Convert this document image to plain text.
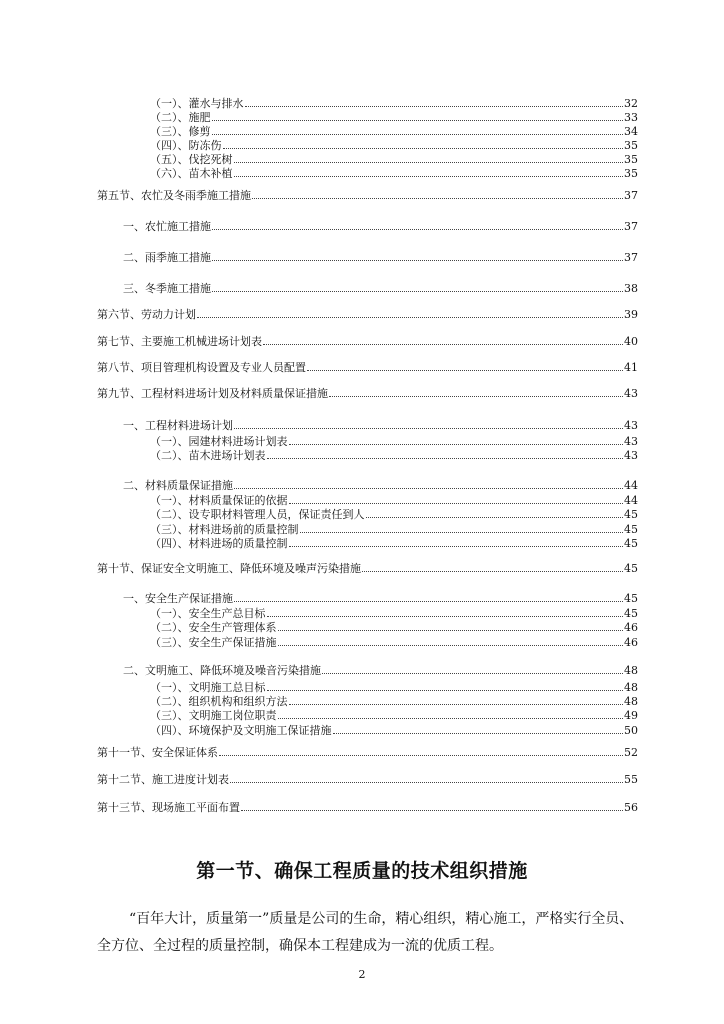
（一）、灌水与排水	32
（二）、施肥	33
（三）、修剪	34
（四）、防冻伤	35
（五）、伐挖死树	35
（六）、苗木补植	35
第五节、农忙及冬雨季施工措施	37
一、农忙施工措施	37
二、雨季施工措施	37
三、冬季施工措施	38
第六节、劳动力计划	39
第七节、主要施工机械进场计划表	40
第八节、项目管理机构设置及专业人员配置	41
第九节、工程材料进场计划及材料质量保证措施	43
一、工程材料进场计划	43
（一）、园建材料进场计划表	43
（二）、苗木进场计划表	43
二、材料质量保证措施	44
（一）、材料质量保证的依据	44
（二）、设专职材料管理人员，保证责任到人	45
（三）、材料进场前的质量控制	45
（四）、材料进场的质量控制	45
第十节、保证安全文明施工、降低环境及噪声污染措施	45
一、安全生产保证措施	45
（一）、安全生产总目标	45
（二）、安全生产管理体系	46
（三）、安全生产保证措施	46
二、文明施工、降低环境及噪音污染措施	48
（一）、文明施工总目标	48
（二）、组织机构和组织方法	48
（三）、文明施工岗位职责	49
（四）、环境保护及文明施工保证措施	50
第十一节、安全保证体系	52
第十二节、施工进度计划表	55
第十三节、现场施工平面布置	56
第一节、确保工程质量的技术组织措施
“百年大计，质量第一”质量是公司的生命，精心组织，精心施工，严格实行全员、全方位、全过程的质量控制，确保本工程建成为一流的优质工程。
2
